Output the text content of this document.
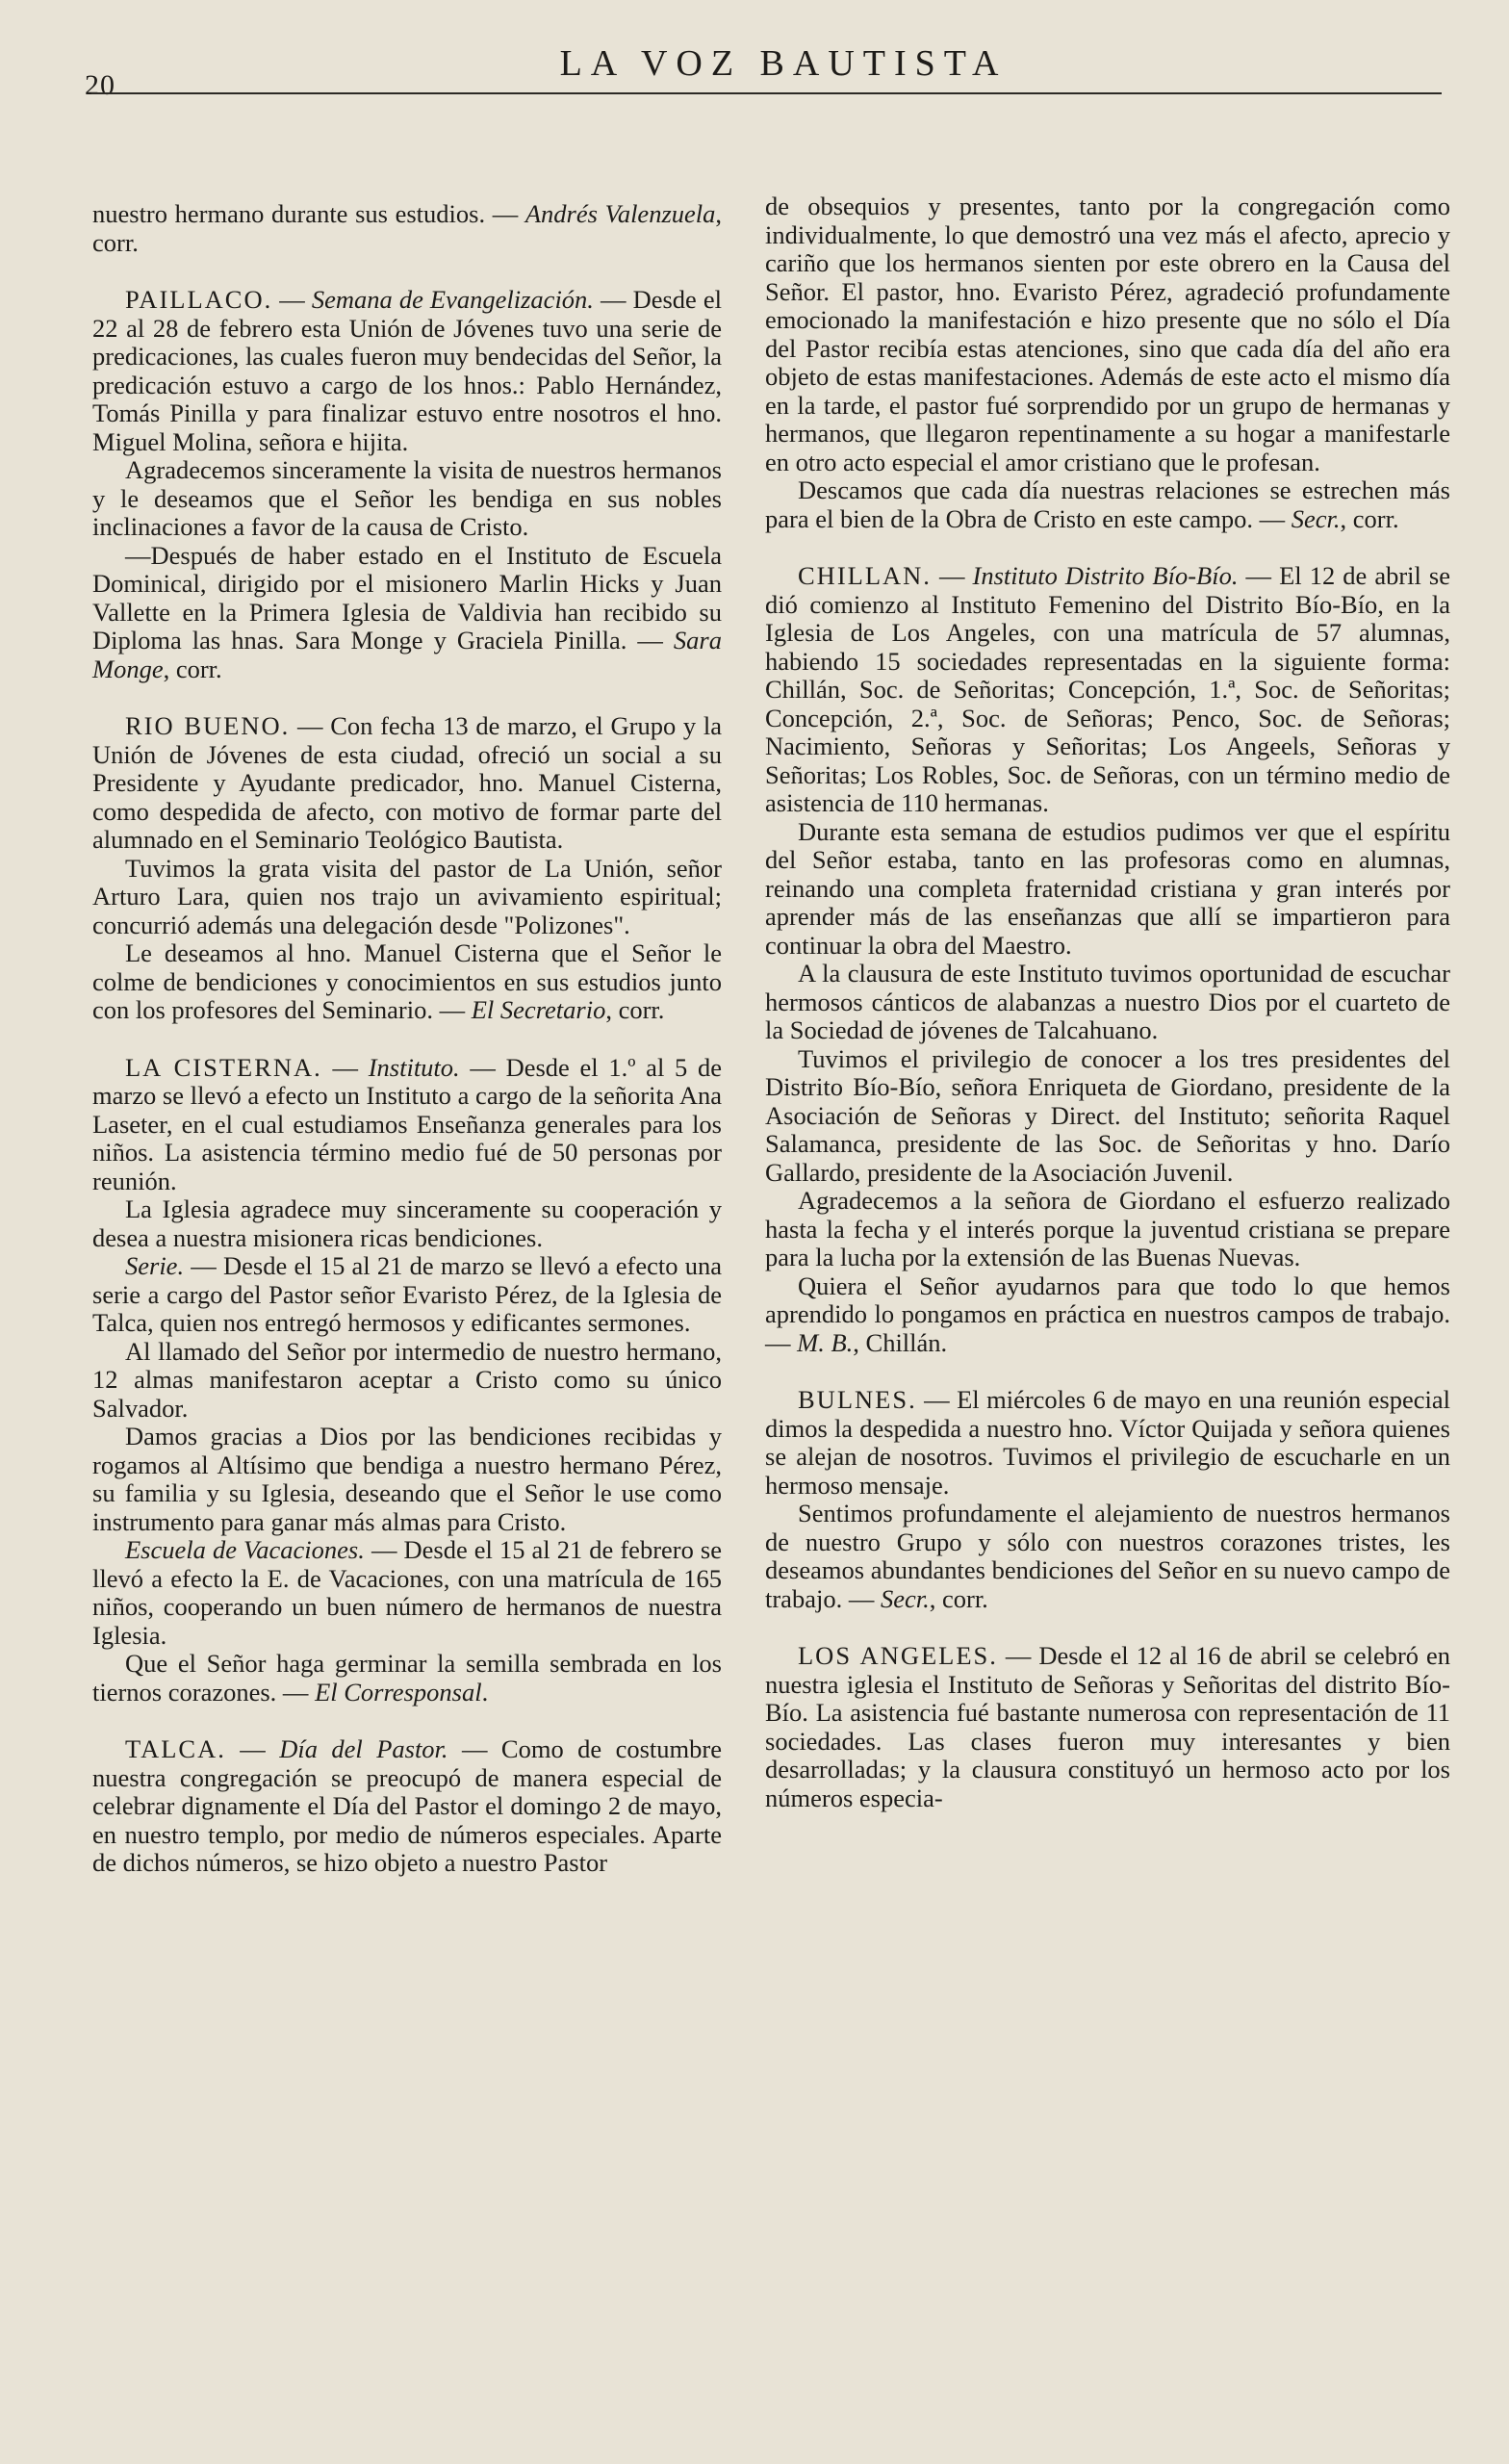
20
LA VOZ BAUTISTA

nuestro hermano durante sus estudios. — Andrés Valenzuela, corr.

PAILLACO. — Semana de Evangelización. — Desde el 22 al 28 de febrero esta Unión de Jóvenes tuvo una serie de predicaciones, las cuales fueron muy bendecidas del Señor, la predicación estuvo a cargo de los hnos.: Pablo Hernández, Tomás Pinilla y para finalizar estuvo entre nosotros el hno. Miguel Molina, señora e hijita.

Agradecemos sinceramente la visita de nuestros hermanos y le deseamos que el Señor les bendiga en sus nobles inclinaciones a favor de la causa de Cristo.

—Después de haber estado en el Instituto de Escuela Dominical, dirigido por el misionero Marlin Hicks y Juan Vallette en la Primera Iglesia de Valdivia han recibido su Diploma las hnas. Sara Monge y Graciela Pinilla. — Sara Monge, corr.

RIO BUENO. — Con fecha 13 de marzo, el Grupo y la Unión de Jóvenes de esta ciudad, ofreció un social a su Presidente y Ayudante predicador, hno. Manuel Cisterna, como despedida de afecto, con motivo de formar parte del alumnado en el Seminario Teológico Bautista.

Tuvimos la grata visita del pastor de La Unión, señor Arturo Lara, quien nos trajo un avivamiento espiritual; concurrió además una delegación desde "Polizones".

Le deseamos al hno. Manuel Cisterna que el Señor le colme de bendiciones y conocimientos en sus estudios junto con los profesores del Seminario. — El Secretario, corr.

LA CISTERNA. — Instituto. — Desde el 1.º al 5 de marzo se llevó a efecto un Instituto a cargo de la señorita Ana Laseter, en el cual estudiamos Enseñanza generales para los niños. La asistencia término medio fué de 50 personas por reunión.

La Iglesia agradece muy sinceramente su cooperación y desea a nuestra misionera ricas bendiciones.

Serie. — Desde el 15 al 21 de marzo se llevó a efecto una serie a cargo del Pastor señor Evaristo Pérez, de la Iglesia de Talca, quien nos entregó hermosos y edificantes sermones.

Al llamado del Señor por intermedio de nuestro hermano, 12 almas manifestaron aceptar a Cristo como su único Salvador.

Damos gracias a Dios por las bendiciones recibidas y rogamos al Altísimo que bendiga a nuestro hermano Pérez, su familia y su Iglesia, deseando que el Señor le use como instrumento para ganar más almas para Cristo.

Escuela de Vacaciones. — Desde el 15 al 21 de febrero se llevó a efecto la E. de Vacaciones, con una matrícula de 165 niños, cooperando un buen número de hermanos de nuestra Iglesia.

Que el Señor haga germinar la semilla sembrada en los tiernos corazones. — El Corresponsal.

TALCA. — Día del Pastor. — Como de costumbre nuestra congregación se preocupó de manera especial de celebrar dignamente el Día del Pastor el domingo 2 de mayo, en nuestro templo, por medio de números especiales. Aparte de dichos números, se hizo objeto a nuestro Pastor

de obsequios y presentes, tanto por la congregación como individualmente, lo que demostró una vez más el afecto, aprecio y cariño que los hermanos sienten por este obrero en la Causa del Señor. El pastor, hno. Evaristo Pérez, agradeció profundamente emocionado la manifestación e hizo presente que no sólo el Día del Pastor recibía estas atenciones, sino que cada día del año era objeto de estas manifestaciones. Además de este acto el mismo día en la tarde, el pastor fué sorprendido por un grupo de hermanas y hermanos, que llegaron repentinamente a su hogar a manifestarle en otro acto especial el amor cristiano que le profesan.

Descamos que cada día nuestras relaciones se estrechen más para el bien de la Obra de Cristo en este campo. — Secr., corr.

CHILLAN. — Instituto Distrito Bío-Bío. — El 12 de abril se dió comienzo al Instituto Femenino del Distrito Bío-Bío, en la Iglesia de Los Angeles, con una matrícula de 57 alumnas, habiendo 15 sociedades representadas en la siguiente forma: Chillán, Soc. de Señoritas; Concepción, 1.ª, Soc. de Señoritas; Concepción, 2.ª, Soc. de Señoras; Penco, Soc. de Señoras; Nacimiento, Señoras y Señoritas; Los Angeels, Señoras y Señoritas; Los Robles, Soc. de Señoras, con un término medio de asistencia de 110 hermanas.

Durante esta semana de estudios pudimos ver que el espíritu del Señor estaba, tanto en las profesoras como en alumnas, reinando una completa fraternidad cristiana y gran interés por aprender más de las enseñanzas que allí se impartieron para continuar la obra del Maestro.

A la clausura de este Instituto tuvimos oportunidad de escuchar hermosos cánticos de alabanzas a nuestro Dios por el cuarteto de la Sociedad de jóvenes de Talcahuano.

Tuvimos el privilegio de conocer a los tres presidentes del Distrito Bío-Bío, señora Enriqueta de Giordano, presidente de la Asociación de Señoras y Direct. del Instituto; señorita Raquel Salamanca, presidente de las Soc. de Señoritas y hno. Darío Gallardo, presidente de la Asociación Juvenil.

Agradecemos a la señora de Giordano el esfuerzo realizado hasta la fecha y el interés porque la juventud cristiana se prepare para la lucha por la extensión de las Buenas Nuevas.

Quiera el Señor ayudarnos para que todo lo que hemos aprendido lo pongamos en práctica en nuestros campos de trabajo. — M. B., Chillán.

BULNES. — El miércoles 6 de mayo en una reunión especial dimos la despedida a nuestro hno. Víctor Quijada y señora quienes se alejan de nosotros. Tuvimos el privilegio de escucharle en un hermoso mensaje.

Sentimos profundamente el alejamiento de nuestros hermanos de nuestro Grupo y sólo con nuestros corazones tristes, les deseamos abundantes bendiciones del Señor en su nuevo campo de trabajo. — Secr., corr.

LOS ANGELES. — Desde el 12 al 16 de abril se celebró en nuestra iglesia el Instituto de Señoras y Señoritas del distrito Bío-Bío. La asistencia fué bastante numerosa con representación de 11 sociedades. Las clases fueron muy interesantes y bien desarrolladas; y la clausura constituyó un hermoso acto por los números especia-
